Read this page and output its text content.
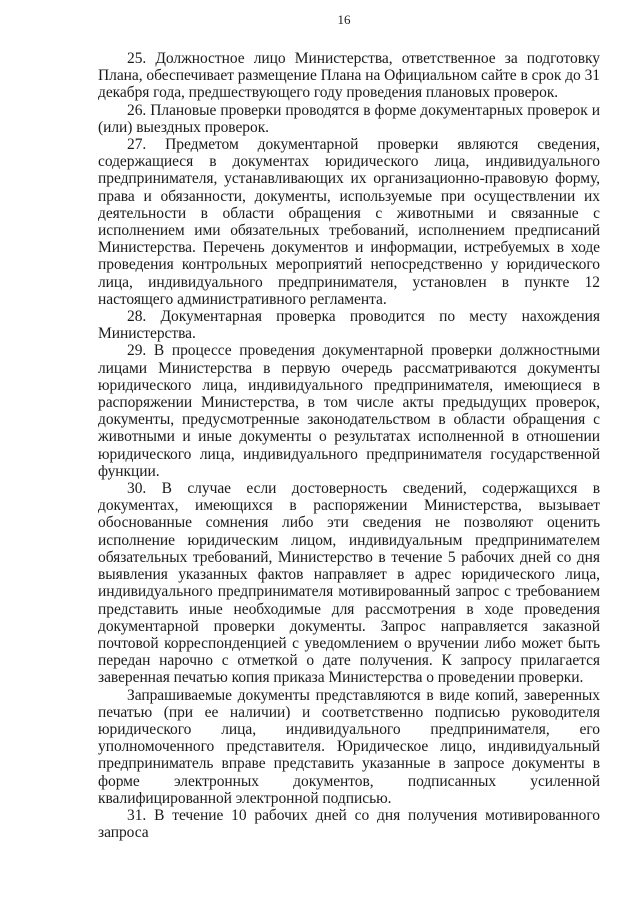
16

25. Должностное лицо Министерства, ответственное за подготовку Плана, обеспечивает размещение Плана на Официальном сайте в срок до 31 декабря года, предшествующего году проведения плановых проверок.

26. Плановые проверки проводятся в форме документарных проверок и (или) выездных проверок.

27. Предметом документарной проверки являются сведения, содержащиеся в документах юридического лица, индивидуального предпринимателя, устанавливающих их организационно-правовую форму, права и обязанности, документы, используемые при осуществлении их деятельности в области обращения с животными и связанные с исполнением ими обязательных требований, исполнением предписаний Министерства. Перечень документов и информации, истребуемых в ходе проведения контрольных мероприятий непосредственно у юридического лица, индивидуального предпринимателя, установлен в пункте 12 настоящего административного регламента.

28. Документарная проверка проводится по месту нахождения Министерства.

29. В процессе проведения документарной проверки должностными лицами Министерства в первую очередь рассматриваются документы юридического лица, индивидуального предпринимателя, имеющиеся в распоряжении Министерства, в том числе акты предыдущих проверок, документы, предусмотренные законодательством в области обращения с животными и иные документы о результатах исполненной в отношении юридического лица, индивидуального предпринимателя государственной функции.

30. В случае если достоверность сведений, содержащихся в документах, имеющихся в распоряжении Министерства, вызывает обоснованные сомнения либо эти сведения не позволяют оценить исполнение юридическим лицом, индивидуальным предпринимателем обязательных требований, Министерство в течение 5 рабочих дней со дня выявления указанных фактов направляет в адрес юридического лица, индивидуального предпринимателя мотивированный запрос с требованием представить иные необходимые для рассмотрения в ходе проведения документарной проверки документы. Запрос направляется заказной почтовой корреспонденцией с уведомлением о вручении либо может быть передан нарочно с отметкой о дате получения. К запросу прилагается заверенная печатью копия приказа Министерства о проведении проверки.

Запрашиваемые документы представляются в виде копий, заверенных печатью (при ее наличии) и соответственно подписью руководителя юридического лица, индивидуального предпринимателя, его уполномоченного представителя. Юридическое лицо, индивидуальный предприниматель вправе представить указанные в запросе документы в форме электронных документов, подписанных усиленной квалифицированной электронной подписью.

31. В течение 10 рабочих дней со дня получения мотивированного запроса
